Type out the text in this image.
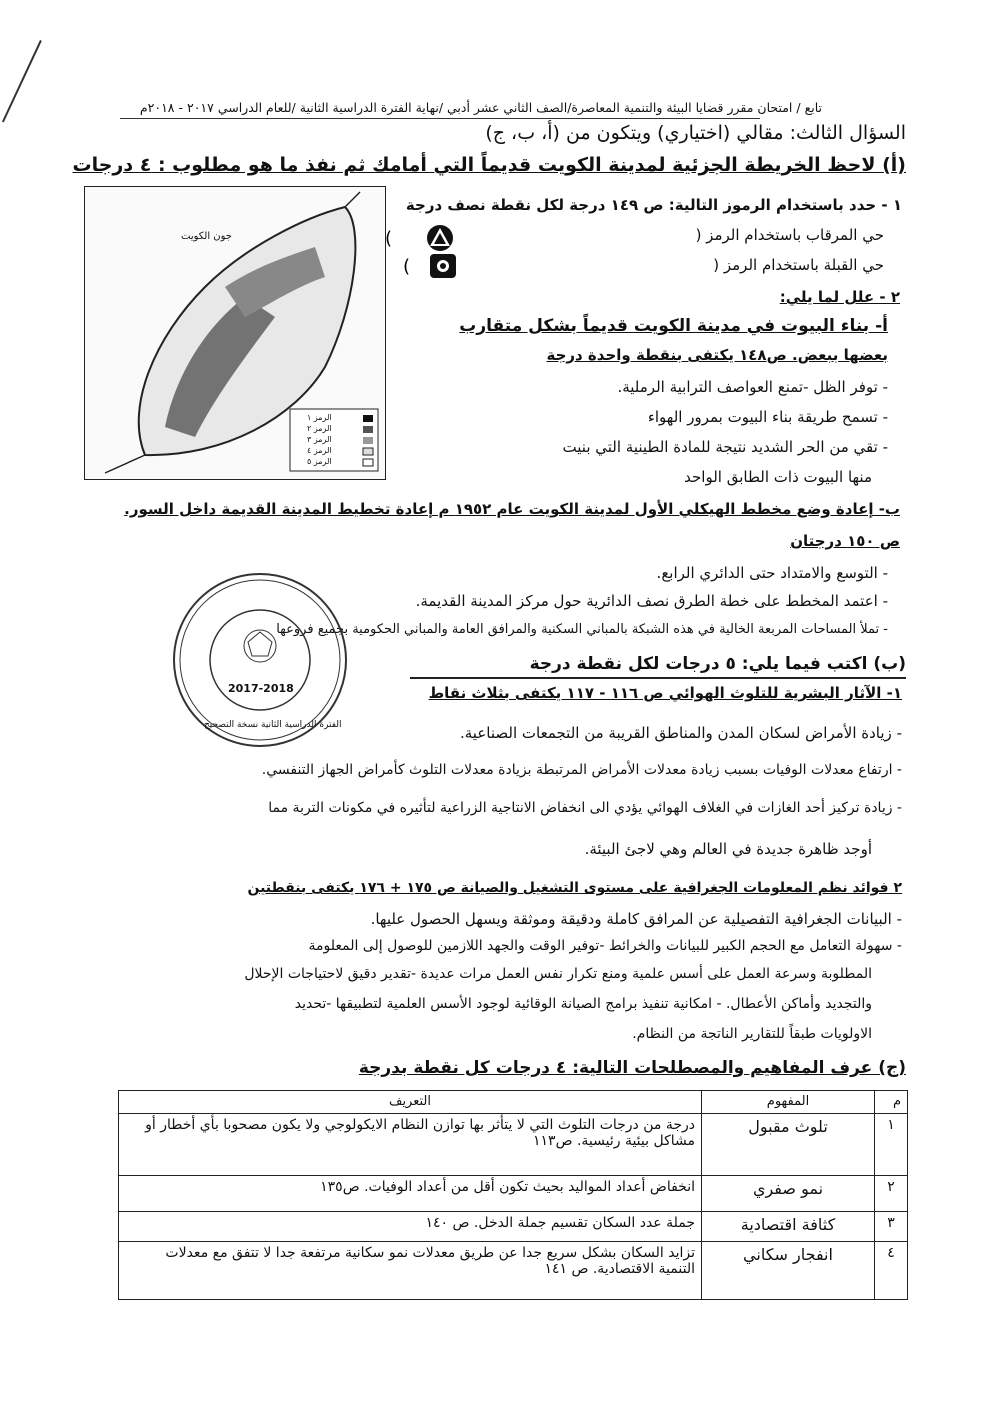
تابع / امتحان مقرر قضايا البيئة والتنمية المعاصرة/الصف الثاني عشر أدبي /نهاية الفترة الدراسية الثانية /للعام الدراسي ٢٠١٧ - ٢٠١٨م
السؤال الثالث: مقالي (اختياري) ويتكون من (أ، ب، ج)
(أ) لاحظ الخريطة الجزئية لمدينة الكويت قديماً التي أمامك ثم نفذ ما هو مطلوب : ٤ درجات
جون الكويت
الرمز ١
الرمز ٢
الرمز ٣
الرمز ٤
الرمز ٥
١ - حدد باستخدام الرموز التالية: ص ١٤٩ درجة لكل نقطة نصف درجة
حي المرقاب باستخدام الرمز (
)
حي القبلة باستخدام الرمز (
)
٢ - علل لما يلي:
أ- بناء البيوت في مدينة الكويت قديماً بشكل متقارب
بعضها ببعض. ص١٤٨ يكتفى بنقطة واحدة درجة
- توفر الظل -تمنع العواصف الترابية الرملية.
- تسمح طريقة بناء البيوت بمرور الهواء
- تقي من الحر الشديد نتيجة للمادة الطينية التي بنيت
منها البيوت ذات الطابق الواحد
ب- إعادة وضع مخطط الهيكلي الأول لمدينة الكويت عام ١٩٥٢ م إعادة تخطيط المدينة القديمة داخل السور.
ص ١٥٠ درجتان
- التوسع والامتداد حتى الدائري الرابع.
- اعتمد المخطط على خطة الطرق نصف الدائرية حول مركز المدينة القديمة.
- تملأ المساحات المربعة الخالية في هذه الشبكة بالمباني السكنية والمرافق العامة والمباني الحكومية بجميع فروعها
2017-2018
الفترة الدراسية الثانية نسخة التصحيح
(ب) اكتب فيما يلي: ٥ درجات لكل نقطة درجة
١- الآثار البشرية للتلوث الهوائي ص ١١٦ - ١١٧ يكتفى بثلاث نقاط
- زيادة الأمراض لسكان المدن والمناطق القريبة من التجمعات الصناعية.
- ارتفاع معدلات الوفيات بسبب زيادة معدلات الأمراض المرتبطة بزيادة معدلات التلوث كأمراض الجهاز التنفسي.
- زيادة تركيز أحد الغازات في الغلاف الهوائي يؤدي الى انخفاض الانتاجية الزراعية لتأثيره في مكونات التربة مما
أوجد ظاهرة جديدة في العالم وهي لاجئ البيئة.
٢ فوائد نظم المعلومات الجغرافية على مستوى التشغيل والصيانة ص ١٧٥ + ١٧٦ يكتفى بنقطتين
- البيانات الجغرافية التفصيلية عن المرافق كاملة ودقيقة وموثقة ويسهل الحصول عليها.
- سهولة التعامل مع الحجم الكبير للبيانات والخرائط -توفير الوقت والجهد اللازمين للوصول إلى المعلومة
المطلوبة وسرعة العمل على أسس علمية ومنع تكرار نفس العمل مرات عديدة -تقدير دقيق لاحتياجات الإحلال
والتجديد وأماكن الأعطال. - امكانية تنفيذ برامج الصيانة الوقائية لوجود الأسس العلمية لتطبيقها -تحديد
الاولويات طبقاً للتقارير الناتجة من النظام.
(ج) عرف المفاهيم والمصطلحات التالية: ٤ درجات كل نقطة بدرجة
م	المفهوم	التعريف
١	تلوث مقبول	درجة من درجات التلوث التي لا يتأثر بها توازن النظام الايكولوجي ولا يكون مصحوبا بأي أخطار أو مشاكل بيئية رئيسية. ص١١٣
٢	نمو صفري	انخفاض أعداد المواليد بحيث تكون أقل من أعداد الوفيات. ص١٣٥
٣	كثافة اقتصادية	جملة عدد السكان تقسيم جملة الدخل. ص ١٤٠
٤	انفجار سكاني	تزايد السكان بشكل سريع جدا عن طريق معدلات نمو سكانية مرتفعة جدا لا تتفق مع معدلات التنمية الاقتصادية. ص ١٤١
